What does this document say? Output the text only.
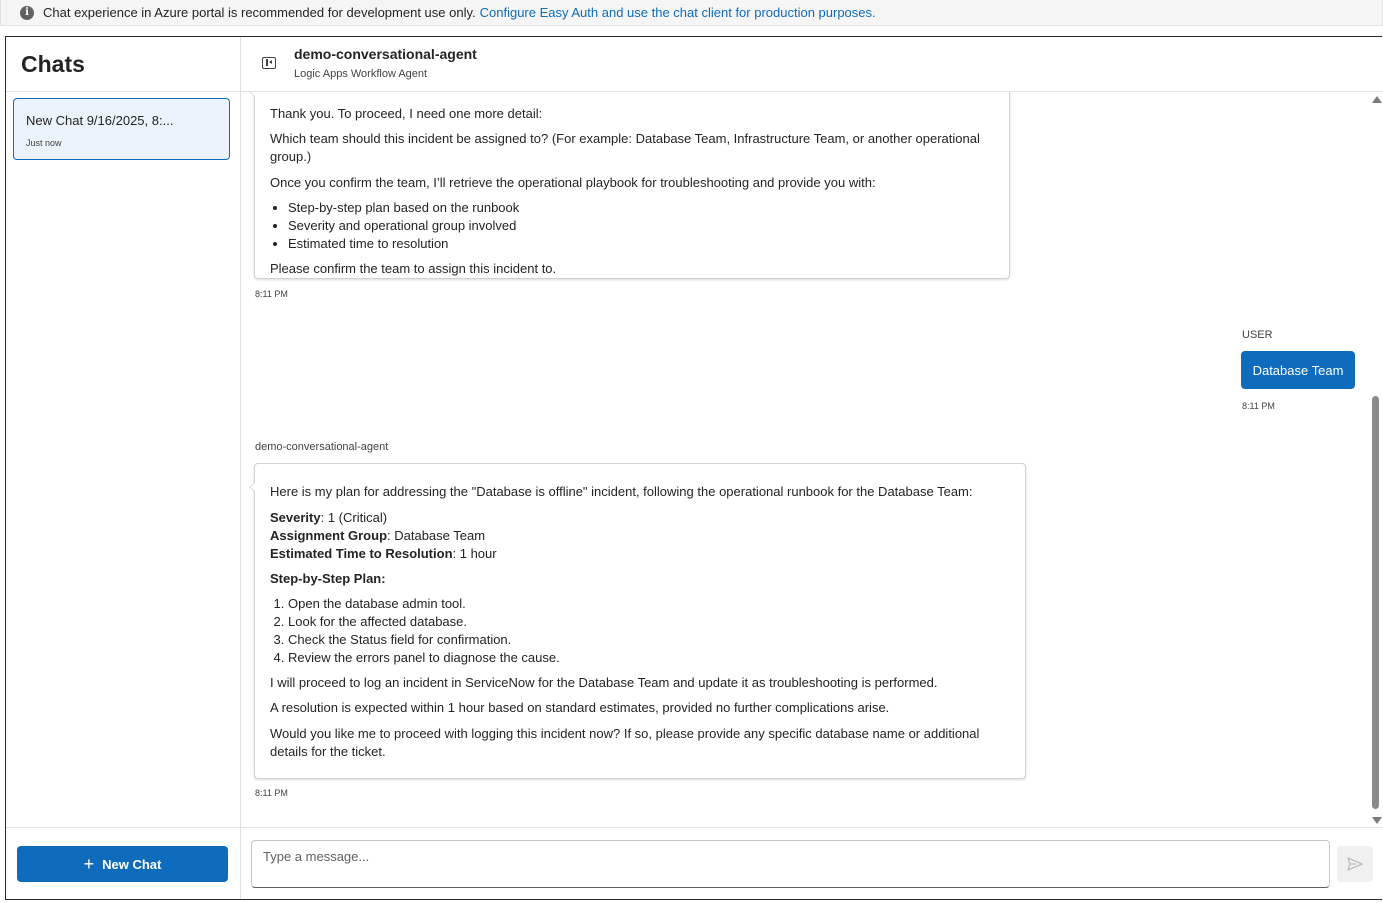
i	Chat experience in Azure portal is recommended for development use only. Configure Easy Auth and use the chat client for production purposes.
Chats
New Chat 9/16/2025, 8:...
Just now
+ New Chat
demo-conversational-agent
Logic Apps Workflow Agent

Thank you. To proceed, I need one more detail:

Which team should this incident be assigned to? (For example: Database Team, Infrastructure Team, or another operational group.)

Once you confirm the team, I’ll retrieve the operational playbook for troubleshooting and provide you with:

• Step-by-step plan based on the runbook
• Severity and operational group involved
• Estimated time to resolution

Please confirm the team to assign this incident to.

8:11 PM
USER
Database Team
8:11 PM
demo-conversational-agent

Here is my plan for addressing the "Database is offline" incident, following the operational runbook for the Database Team:

Severity: 1 (Critical)

Assignment Group: Database Team

Estimated Time to Resolution: 1 hour

Step-by-Step Plan:

1. Open the database admin tool.
2. Look for the affected database.
3. Check the Status field for confirmation.
4. Review the errors panel to diagnose the cause.

I will proceed to log an incident in ServiceNow for the Database Team and update it as troubleshooting is performed.

A resolution is expected within 1 hour based on standard estimates, provided no further complications arise.

Would you like me to proceed with logging this incident now? If so, please provide any specific database name or additional details for the ticket.

8:11 PM
Type a message...
